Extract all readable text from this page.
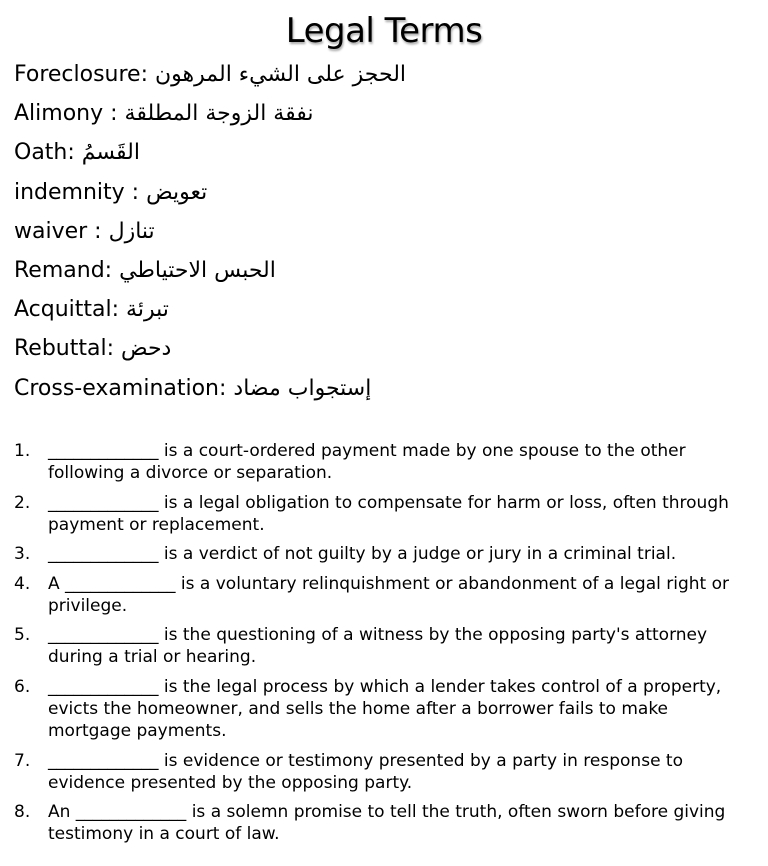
Legal Terms
Foreclosure: الحجز على الشيء المرهون
Alimony : نفقة الزوجة المطلقة
Oath: القَسمُ
indemnity : تعويض
waiver : تنازل
Remand: الحبس الاحتياطي
Acquittal: تبرئة
Rebuttal: دحض
Cross-examination: إستجواب مضاد
1.	_____________ is a court-ordered payment made by one spouse to the other following a divorce or separation.
2.	_____________ is a legal obligation to compensate for harm or loss, often through payment or replacement.
3.	_____________ is a verdict of not guilty by a judge or jury in a criminal trial.
4.	A _____________ is a voluntary relinquishment or abandonment of a legal right or privilege.
5.	_____________ is the questioning of a witness by the opposing party's attorney during a trial or hearing.
6.	_____________ is the legal process by which a lender takes control of a property, evicts the homeowner, and sells the home after a borrower fails to make mortgage payments.
7.	_____________ is evidence or testimony presented by a party in response to evidence presented by the opposing party.
8.	An _____________ is a solemn promise to tell the truth, often sworn before giving testimony in a court of law.
